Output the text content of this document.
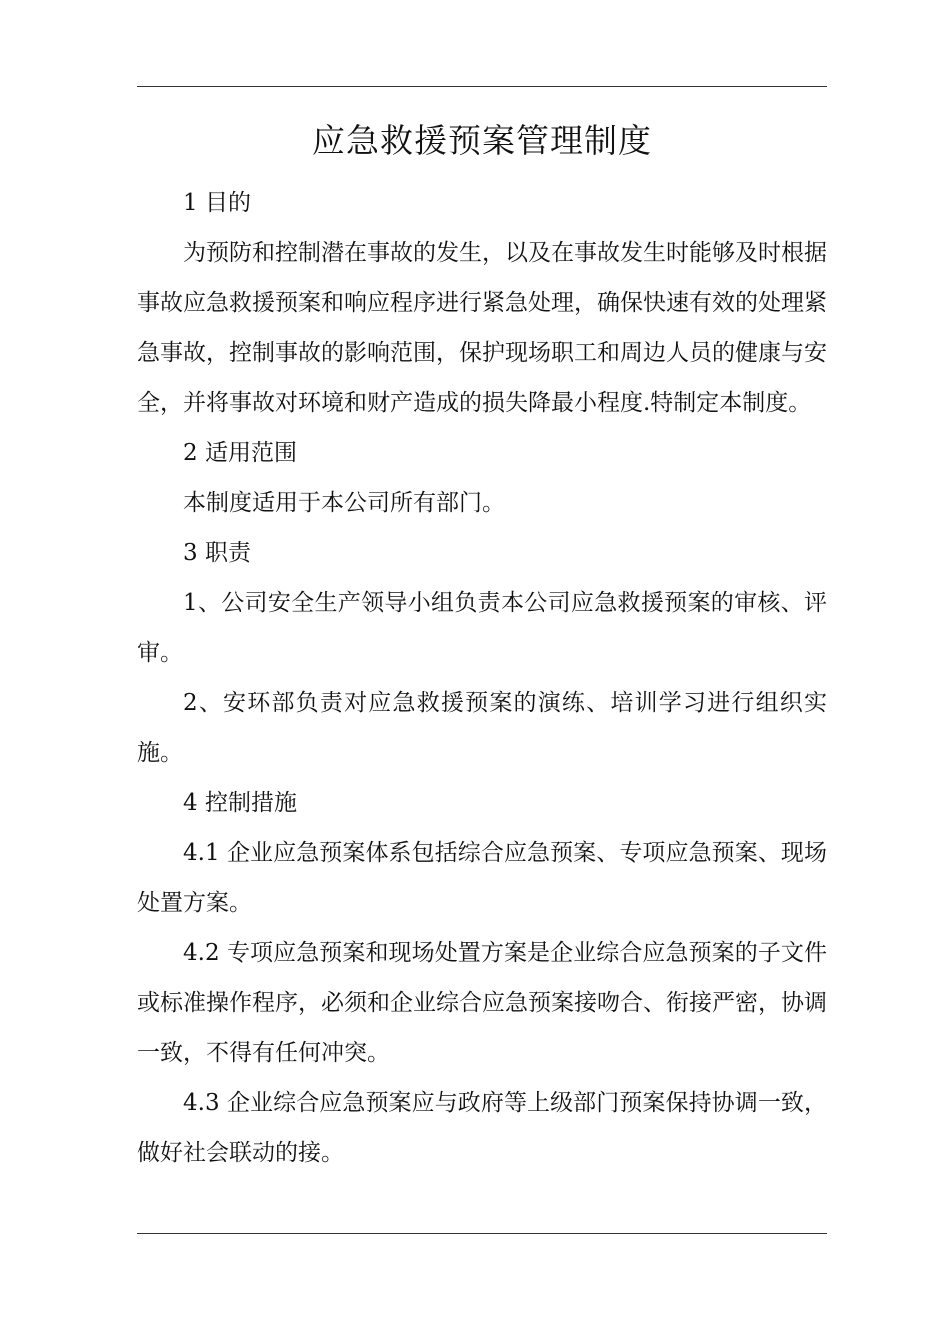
应急救援预案管理制度

1 目的

为预防和控制潜在事故的发生，以及在事故发生时能够及时根据事故应急救援预案和响应程序进行紧急处理，确保快速有效的处理紧急事故，控制事故的影响范围，保护现场职工和周边人员的健康与安全，并将事故对环境和财产造成的损失降最小程度.特制定本制度。

2 适用范围

本制度适用于本公司所有部门。

3 职责

1、公司安全生产领导小组负责本公司应急救援预案的审核、评审。

2、安环部负责对应急救援预案的演练、培训学习进行组织实施。

4 控制措施

4.1 企业应急预案体系包括综合应急预案、专项应急预案、现场处置方案。

4.2 专项应急预案和现场处置方案是企业综合应急预案的子文件或标准操作程序，必须和企业综合应急预案接吻合、衔接严密，协调一致，不得有任何冲突。

4.3 企业综合应急预案应与政府等上级部门预案保持协调一致，做好社会联动的接。
